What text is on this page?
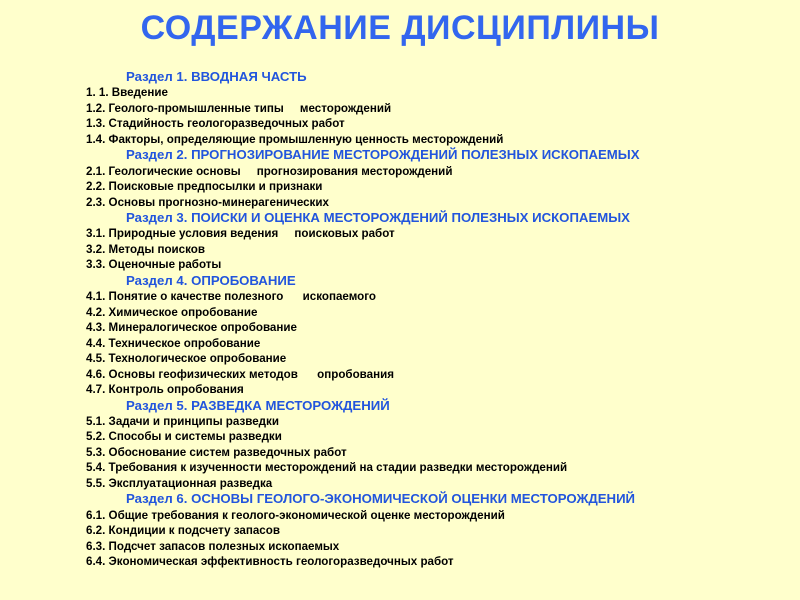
СОДЕРЖАНИЕ ДИСЦИПЛИНЫ
Раздел 1. ВВОДНАЯ ЧАСТЬ
1. 1. Введение
1.2. Геолого-промышленные типы     месторождений
1.3. Стадийность геологоразведочных работ
1.4. Факторы, определяющие промышленную ценность месторождений
Раздел 2. ПРОГНОЗИРОВАНИЕ МЕСТОРОЖДЕНИЙ ПОЛЕЗНЫХ ИСКОПАЕМЫХ
2.1. Геологические основы     прогнозирования месторождений
2.2. Поисковые предпосылки и признаки
2.3. Основы прогнозно-минерагенических
Раздел 3. ПОИСКИ И ОЦЕНКА МЕСТОРОЖДЕНИЙ ПОЛЕЗНЫХ ИСКОПАЕМЫХ
3.1. Природные условия ведения     поисковых работ
3.2. Методы поисков
3.3. Оценочные работы
Раздел 4. ОПРОБОВАНИЕ
4.1. Понятие о качестве полезного      ископаемого
4.2. Химическое опробование
4.3. Минералогическое опробование
4.4. Техническое опробование
4.5. Технологическое опробование
4.6. Основы геофизических методов      опробования
4.7. Контроль опробования
Раздел 5. РАЗВЕДКА МЕСТОРОЖДЕНИЙ
5.1. Задачи и принципы разведки
5.2. Способы и системы разведки
5.3. Обоснование систем разведочных работ
5.4. Требования к изученности месторождений на стадии разведки месторождений
5.5. Эксплуатационная разведка
Раздел 6. ОСНОВЫ ГЕОЛОГО-ЭКОНОМИЧЕСКОЙ ОЦЕНКИ МЕСТОРОЖДЕНИЙ
6.1. Общие требования к геолого-экономической оценке месторождений
6.2. Кондиции к подсчету запасов
6.3. Подсчет запасов полезных ископаемых
6.4. Экономическая эффективность геологоразведочных работ
